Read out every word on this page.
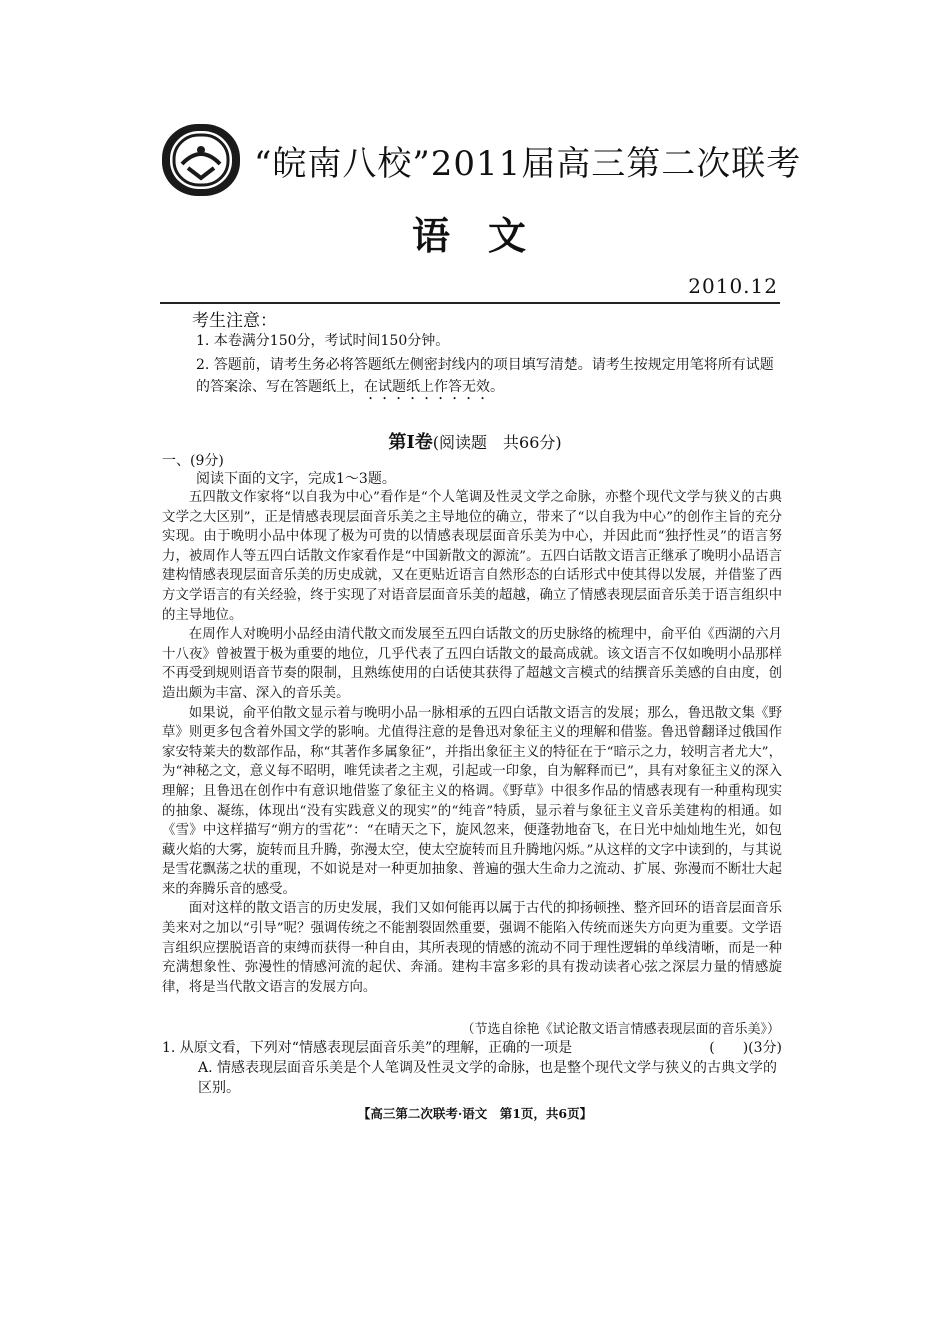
“皖南八校”2011届高三第二次联考
语文
2010.12
考生注意：
1. 本卷满分150分，考试时间150分钟。
2. 答题前，请考生务必将答题纸左侧密封线内的项目填写清楚。请考生按规定用笔将所有试题的答案涂、写在答题纸上，在试题纸上作答无效。
第Ⅰ卷(阅读题　共66分)
一、(9分)
阅读下面的文字，完成1～3题。

五四散文作家将“以自我为中心”看作是“个人笔调及性灵文学之命脉，亦整个现代文学与狭义的古典文学之大区别”，正是情感表现层面音乐美之主导地位的确立，带来了“以自我为中心”的创作主旨的充分实现。由于晚明小品中体现了极为可贵的以情感表现层面音乐美为中心，并因此而“独抒性灵”的语言努力，被周作人等五四白话散文作家看作是“中国新散文的源流”。五四白话散文语言正继承了晚明小品语言建构情感表现层面音乐美的历史成就，又在更贴近语言自然形态的白话形式中使其得以发展，并借鉴了西方文学语言的有关经验，终于实现了对语音层面音乐美的超越，确立了情感表现层面音乐美于语言组织中的主导地位。

在周作人对晚明小品经由清代散文而发展至五四白话散文的历史脉络的梳理中，俞平伯《西湖的六月十八夜》曾被置于极为重要的地位，几乎代表了五四白话散文的最高成就。该文语言不仅如晚明小品那样不再受到规则语音节奏的限制，且熟练使用的白话使其获得了超越文言模式的结撰音乐美感的自由度，创造出颇为丰富、深入的音乐美。

如果说，俞平伯散文显示着与晚明小品一脉相承的五四白话散文语言的发展；那么，鲁迅散文集《野草》则更多包含着外国文学的影响。尤值得注意的是鲁迅对象征主义的理解和借鉴。鲁迅曾翻译过俄国作家安特莱夫的数部作品，称“其著作多属象征”，并指出象征主义的特征在于“暗示之力，较明言者尤大”，为“神秘之文，意义每不昭明，唯凭读者之主观，引起或一印象，自为解释而已”，具有对象征主义的深入理解；且鲁迅在创作中有意识地借鉴了象征主义的格调。《野草》中很多作品的情感表现有一种重构现实的抽象、凝练，体现出“没有实践意义的现实”的“纯音”特质，显示着与象征主义音乐美建构的相通。如《雪》中这样描写“朔方的雪花”：“在晴天之下，旋风忽来，便蓬勃地奋飞，在日光中灿灿地生光，如包藏火焰的大雾，旋转而且升腾，弥漫太空，使太空旋转而且升腾地闪烁。”从这样的文字中读到的，与其说是雪花飘荡之状的重现，不如说是对一种更加抽象、普遍的强大生命力之流动、扩展、弥漫而不断壮大起来的奔腾乐音的感受。

面对这样的散文语言的历史发展，我们又如何能再以属于古代的抑扬顿挫、整齐回环的语音层面音乐美来对之加以“引导”呢？强调传统之不能割裂固然重要，强调不能陷入传统而迷失方向更为重要。文学语言组织应摆脱语音的束缚而获得一种自由，其所表现的情感的流动不同于理性逻辑的单线清晰，而是一种充满想象性、弥漫性的情感河流的起伏、奔涌。建构丰富多彩的具有拨动读者心弦之深层力量的情感旋律，将是当代散文语言的发展方向。

（节选自徐艳《试论散文语言情感表现层面的音乐美》）
1. 从原文看，下列对“情感表现层面音乐美”的理解，正确的一项是	(　　)(3分)
A. 情感表现层面音乐美是个人笔调及性灵文学的命脉，也是整个现代文学与狭义的古典文学的区别。
【高三第二次联考·语文　第1页，共6页】
